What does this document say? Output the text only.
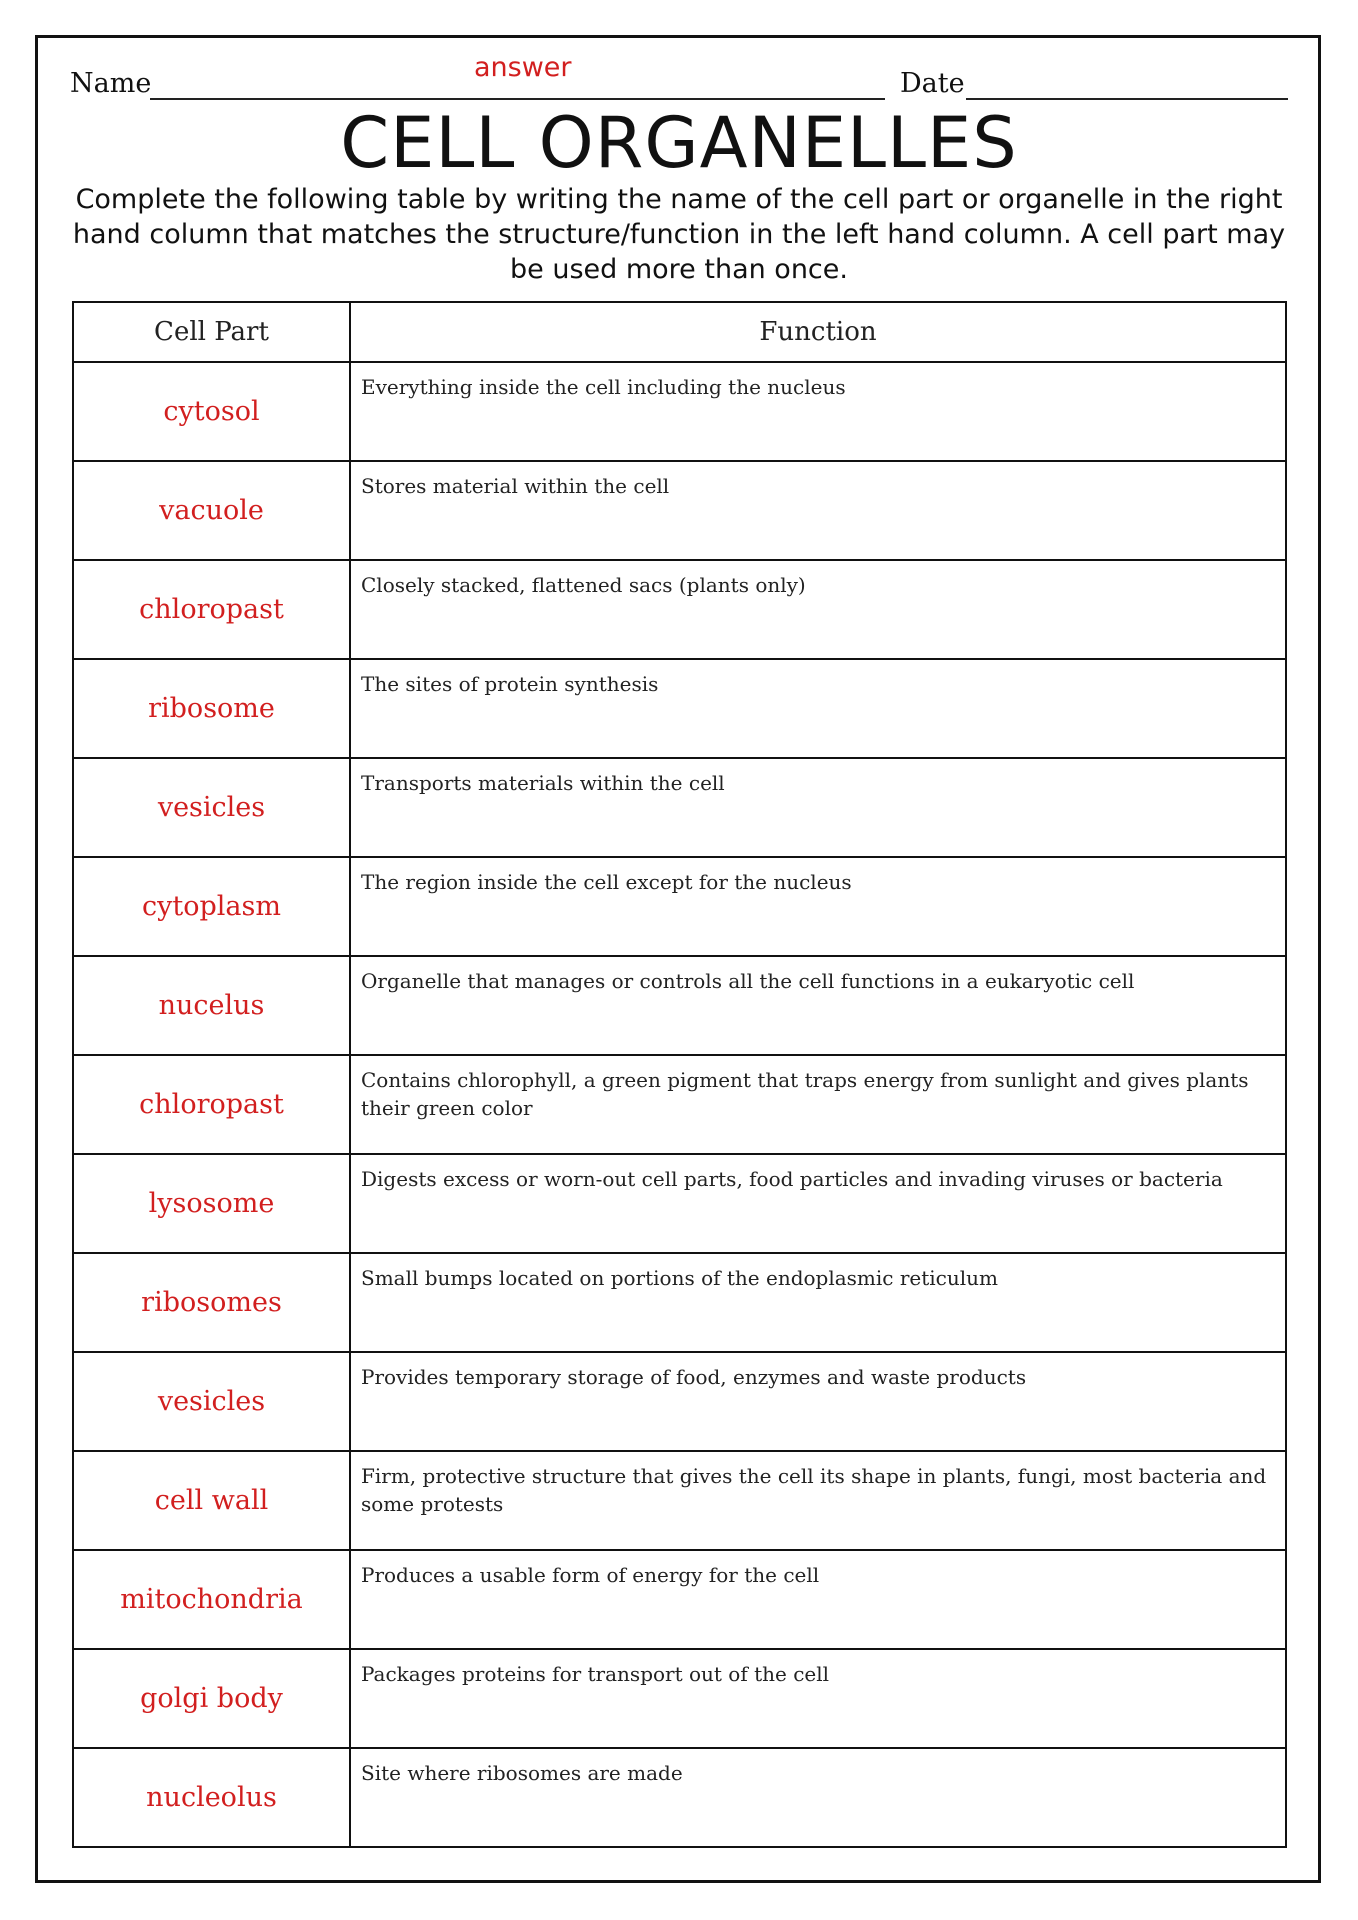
Name
answer
Date
CELL ORGANELLES
Complete the following table by writing the name of the cell part or organelle in the right hand column that matches the structure/function in the left hand column. A cell part may be used more than once.
Cell Part	Function
cytosol	Everything inside the cell including the nucleus
vacuole	Stores material within the cell
chloropast	Closely stacked, flattened sacs (plants only)
ribosome	The sites of protein synthesis
vesicles	Transports materials within the cell
cytoplasm	The region inside the cell except for the nucleus
nucelus	Organelle that manages or controls all the cell functions in a eukaryotic cell
chloropast	Contains chlorophyll, a green pigment that traps energy from sunlight and gives plants their green color
lysosome	Digests excess or worn-out cell parts, food particles and invading viruses or bacteria
ribosomes	Small bumps located on portions of the endoplasmic reticulum
vesicles	Provides temporary storage of food, enzymes and waste products
cell wall	Firm, protective structure that gives the cell its shape in plants, fungi, most bacteria and some protests
mitochondria	Produces a usable form of energy for the cell
golgi body	Packages proteins for transport out of the cell
nucleolus	Site where ribosomes are made
